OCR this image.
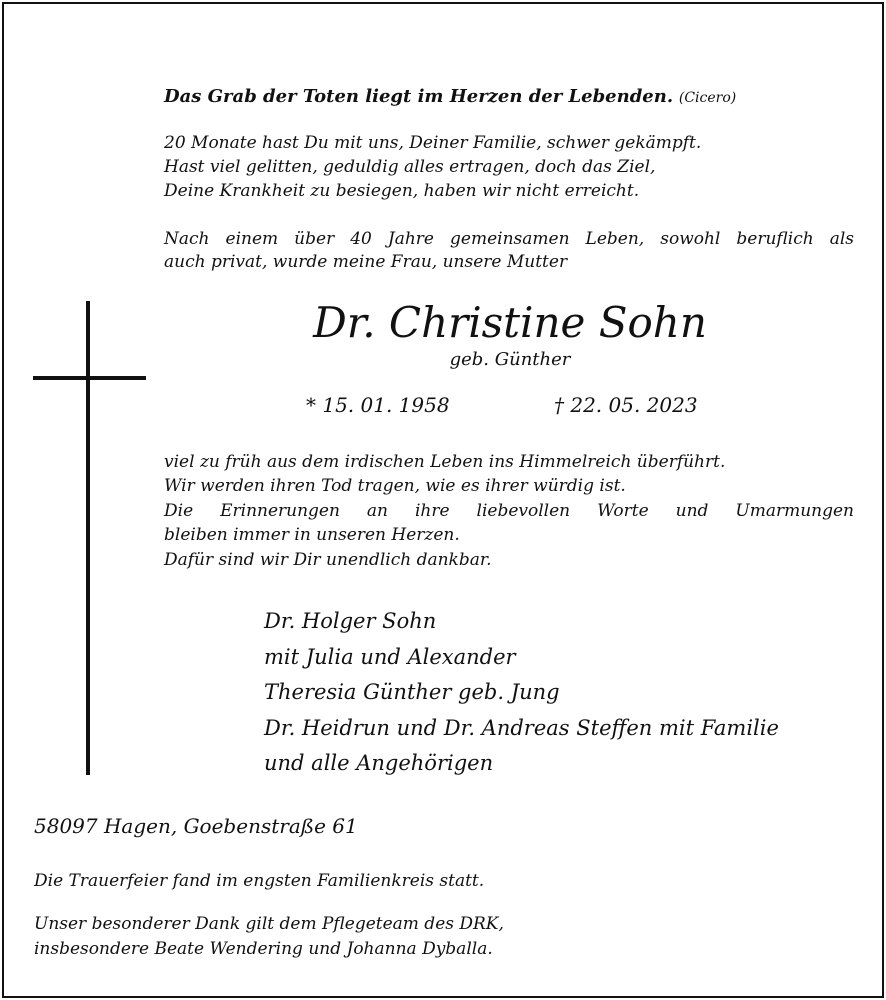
Das Grab der Toten liegt im Herzen der Lebenden. (Cicero)
20 Monate hast Du mit uns, Deiner Familie, schwer gekämpft.
Hast viel gelitten, geduldig alles ertragen, doch das Ziel,
Deine Krankheit zu besiegen, haben wir nicht erreicht.
Nach einem über 40 Jahre gemeinsamen Leben, sowohl beruflich als
auch privat, wurde meine Frau, unsere Mutter
Dr. Christine Sohn
geb. Günther
* 15. 01. 1958	† 22. 05. 2023
viel zu früh aus dem irdischen Leben ins Himmelreich überführt.
Wir werden ihren Tod tragen, wie es ihrer würdig ist.
Die Erinnerungen an ihre liebevollen Worte und Umarmungen
bleiben immer in unseren Herzen.
Dafür sind wir Dir unendlich dankbar.
Dr. Holger Sohn
mit Julia und Alexander
Theresia Günther geb. Jung
Dr. Heidrun und Dr. Andreas Steffen mit Familie
und alle Angehörigen
58097 Hagen, Goebenstraße 61
Die Trauerfeier fand im engsten Familienkreis statt.
Unser besonderer Dank gilt dem Pflegeteam des DRK,
insbesondere Beate Wendering und Johanna Dyballa.
